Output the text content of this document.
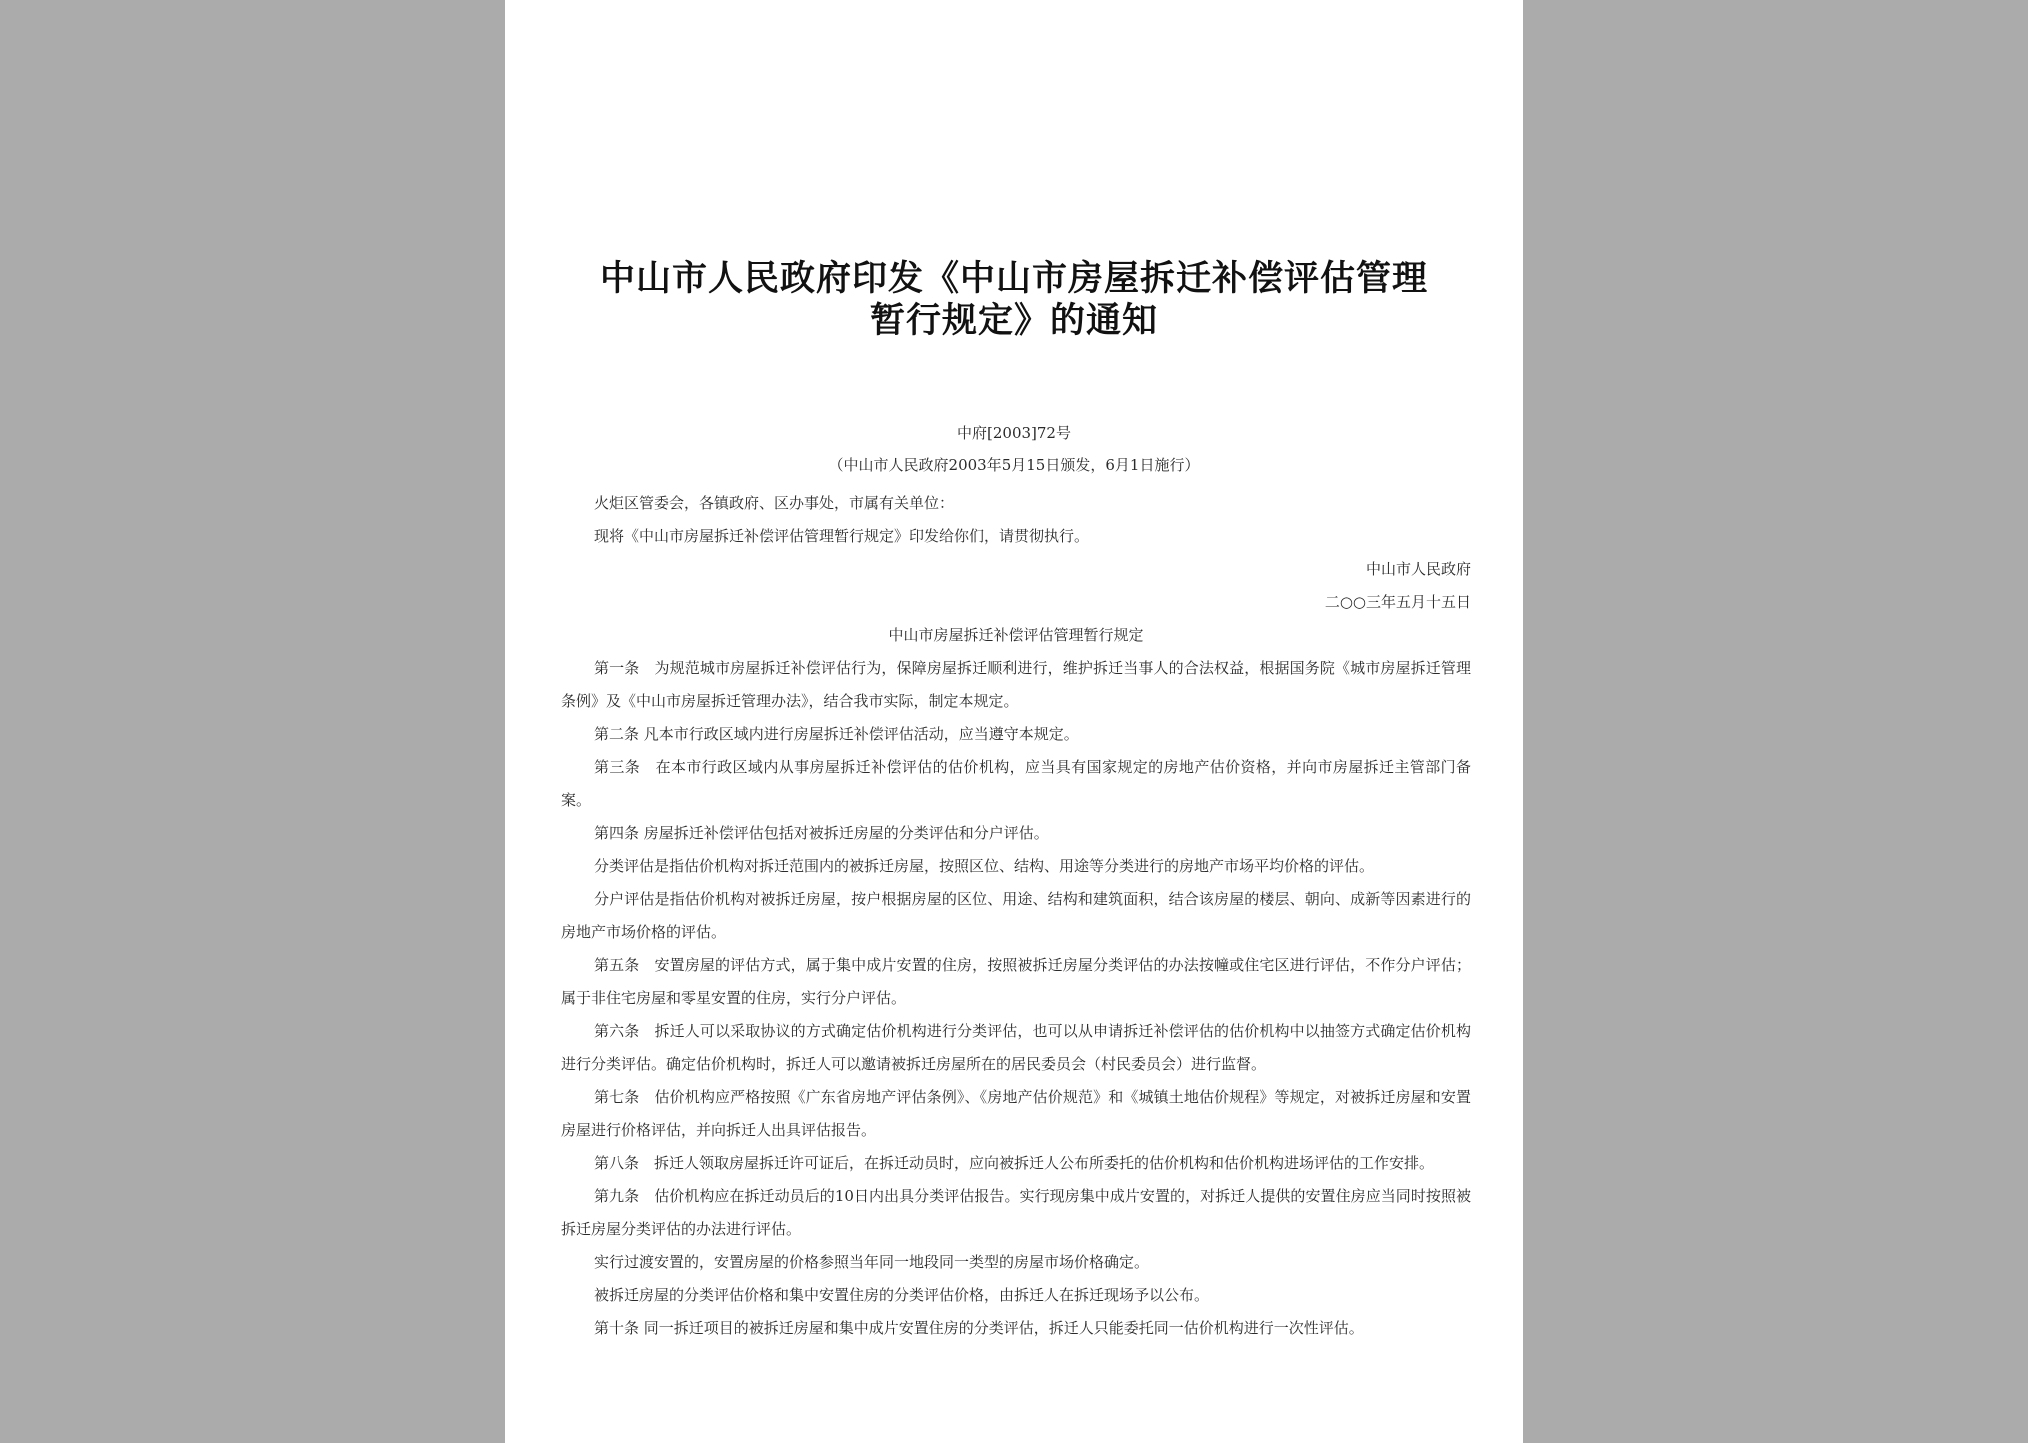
中山市人民政府印发《中山市房屋拆迁补偿评估管理
暂行规定》的通知
中府[2003]72号
（中山市人民政府2003年5月15日颁发，6月1日施行）

火炬区管委会，各镇政府、区办事处，市属有关单位：

现将《中山市房屋拆迁补偿评估管理暂行规定》印发给你们，请贯彻执行。

中山市人民政府

二○○三年五月十五日

中山市房屋拆迁补偿评估管理暂行规定

第一条　为规范城市房屋拆迁补偿评估行为，保障房屋拆迁顺利进行，维护拆迁当事人的合法权益，根据国务院《城市房屋拆迁管理条例》及《中山市房屋拆迁管理办法》，结合我市实际，制定本规定。

第二条 凡本市行政区域内进行房屋拆迁补偿评估活动，应当遵守本规定。

第三条　在本市行政区域内从事房屋拆迁补偿评估的估价机构，应当具有国家规定的房地产估价资格，并向市房屋拆迁主管部门备案。

第四条 房屋拆迁补偿评估包括对被拆迁房屋的分类评估和分户评估。

分类评估是指估价机构对拆迁范围内的被拆迁房屋，按照区位、结构、用途等分类进行的房地产市场平均价格的评估。

分户评估是指估价机构对被拆迁房屋，按户根据房屋的区位、用途、结构和建筑面积，结合该房屋的楼层、朝向、成新等因素进行的房地产市场价格的评估。

第五条　安置房屋的评估方式，属于集中成片安置的住房，按照被拆迁房屋分类评估的办法按幢或住宅区进行评估，不作分户评估；属于非住宅房屋和零星安置的住房，实行分户评估。

第六条　拆迁人可以采取协议的方式确定估价机构进行分类评估，也可以从申请拆迁补偿评估的估价机构中以抽签方式确定估价机构进行分类评估。确定估价机构时，拆迁人可以邀请被拆迁房屋所在的居民委员会（村民委员会）进行监督。

第七条　估价机构应严格按照《广东省房地产评估条例》、《房地产估价规范》和《城镇土地估价规程》等规定，对被拆迁房屋和安置房屋进行价格评估，并向拆迁人出具评估报告。

第八条　拆迁人领取房屋拆迁许可证后，在拆迁动员时，应向被拆迁人公布所委托的估价机构和估价机构进场评估的工作安排。

第九条　估价机构应在拆迁动员后的10日内出具分类评估报告。实行现房集中成片安置的，对拆迁人提供的安置住房应当同时按照被拆迁房屋分类评估的办法进行评估。

实行过渡安置的，安置房屋的价格参照当年同一地段同一类型的房屋市场价格确定。

被拆迁房屋的分类评估价格和集中安置住房的分类评估价格，由拆迁人在拆迁现场予以公布。

第十条 同一拆迁项目的被拆迁房屋和集中成片安置住房的分类评估，拆迁人只能委托同一估价机构进行一次性评估。
